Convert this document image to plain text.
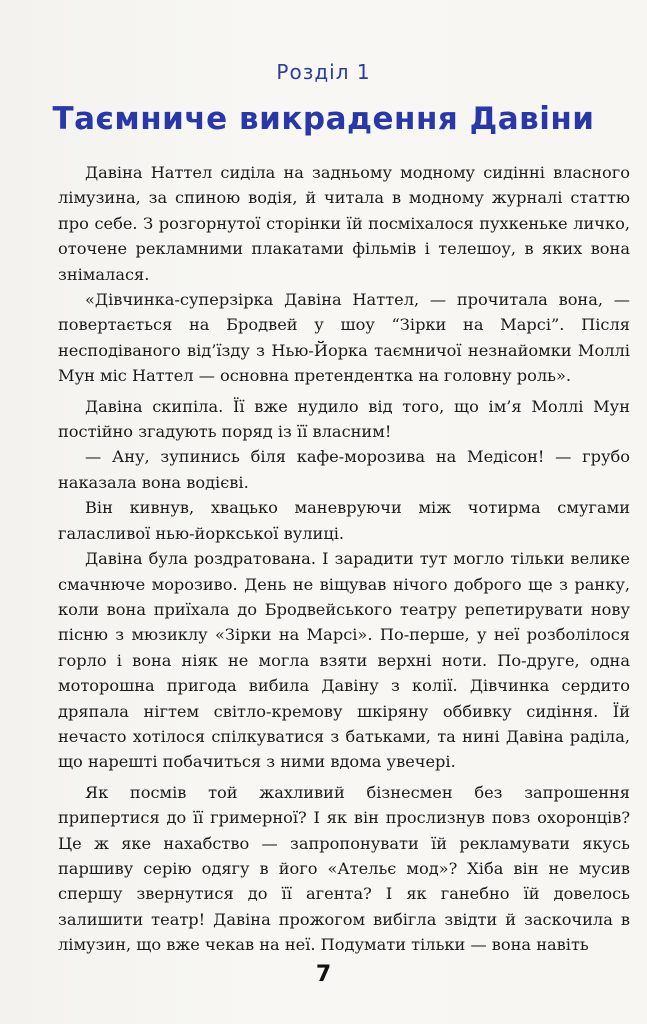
Розділ 1
Таємниче викрадення Давіни

Давіна Наттел сиділа на задньому модному сидінні власного лімузина, за спиною водія, й читала в модному журналі статтю про себе. З розгорнутої сторінки їй посміхалося пухкеньке личко, оточене рекламними плакатами фільмів і телешоу, в яких вона знімалася.

«Дівчинка-суперзірка Давіна Наттел, — прочитала вона, — повертається на Бродвей у шоу “Зірки на Марсі”. Після несподіваного від’їзду з Нью-Йорка таємничої незнайомки Моллі Мун міс Наттел — основна претендентка на головну роль».

Давіна скипіла. Її вже нудило від того, що ім’я Моллі Мун постійно згадують поряд із її власним!

— Ану, зупинись біля кафе-морозива на Медісон! — грубо наказала вона водієві.

Він кивнув, хвацько маневруючи між чотирма смугами галасливої нью-йоркської вулиці.

Давіна була роздратована. І зарадити тут могло тільки велике смачнюче морозиво. День не віщував нічого доброго ще з ранку, коли вона приїхала до Бродвейського театру репетирувати нову пісню з мюзиклу «Зірки на Марсі». По-перше, у неї розболілося горло і вона ніяк не могла взяти верхні ноти. По-друге, одна моторошна пригода вибила Давіну з колії. Дівчинка сердито дряпала нігтем світло-кремову шкіряну оббивку сидіння. Їй нечасто хотілося спілкуватися з батьками, та нині Давіна раділа, що нарешті побачиться з ними вдома увечері.

Як посмів той жахливий бізнесмен без запрошення припертися до її гримерної? І як він прослизнув повз охоронців? Це ж яке нахабство — запропонувати їй рекламувати якусь паршиву серію одягу в його «Ательє мод»? Хіба він не мусив спершу звернутися до її агента? І як ганебно їй довелось залишити театр! Давіна прожогом вибігла звідти й заскочила в лімузин, що вже чекав на неї. Подумати тільки — вона навіть

7
